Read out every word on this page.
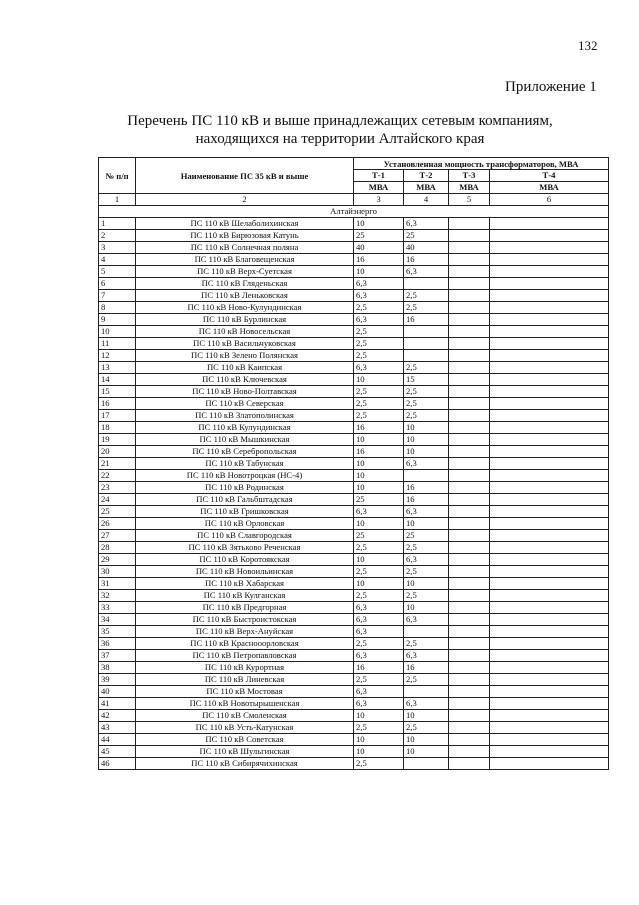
132
Приложение 1
Перечень ПС 110 кВ и выше принадлежащих сетевым компаниям,
находящихся на территории Алтайского края
№ п/п	Наименование ПС 35 кВ и выше	Установленная мощность трансформаторов, МВА			
		Т-1	Т-2	Т-3	Т-4
		МВА	МВА	МВА	МВА
1	2	3	4	5	6
Алтайэнерго					
1	ПС 110 кВ Шелаболихинская	10	6,3		
2	ПС 110 кВ Бирюзовая Катунь	25	25		
3	ПС 110 кВ Солнечная поляна	40	40		
4	ПС 110 кВ Благовещенская	16	16		
5	ПС 110 кВ Верх-Суетская	10	6,3		
6	ПС 110 кВ Гляденьская	6,3			
7	ПС 110 кВ Леньковская	6,3	2,5		
8	ПС 110 кВ Ново-Кулундинская	2,5	2,5		
9	ПС 110 кВ Бурлинская	6,3	16		
10	ПС 110 кВ Новосельская	2,5			
11	ПС 110 кВ Васильчуковская	2,5			
12	ПС 110 кВ Зелено Полянская	2,5			
13	ПС 110 кВ Каипская	6,3	2,5		
14	ПС 110 кВ Ключевская	10	15		
15	ПС 110 кВ Ново-Полтавская	2,5	2,5		
16	ПС 110 кВ Северская	2,5	2,5		
17	ПС 110 кВ Златополинская	2,5	2,5		
18	ПС 110 кВ Кулундинская	16	10		
19	ПС 110 кВ Мышкинская	10	10		
20	ПС 110 кВ Серебропольская	16	10		
21	ПС 110 кВ Табунская	10	6,3		
22	ПС 110 кВ Новотроцкая (НС-4)	10			
23	ПС 110 кВ Родинская	10	16		
24	ПС 110 кВ Гальбштадская	25	16		
25	ПС 110 кВ Гришковская	6,3	6,3		
26	ПС 110 кВ Орловская	10	10		
27	ПС 110 кВ Славгородская	25	25		
28	ПС 110 кВ Зятьково Реченская	2,5	2,5		
29	ПС 110 кВ Коротоякская	10	6,3		
30	ПС 110 кВ Новоильинская	2,5	2,5		
31	ПС 110 кВ Хабарская	10	10		
32	ПС 110 кВ Кулганская	2,5	2,5		
33	ПС 110 кВ Предгорная	6,3	10		
34	ПС 110 кВ Быстроистокская	6,3	6,3		
35	ПС 110 кВ Верх-Ануйская	6,3			
36	ПС 110 кВ Краснооорловская	2,5	2,5		
37	ПС 110 кВ Петропавловская	6,3	6,3		
38	ПС 110 кВ Курортная	16	16		
39	ПС 110 кВ Линевская	2,5	2,5		
40	ПС 110 кВ Мостовая	6,3			
41	ПС 110 кВ Новотырышенская	6,3	6,3		
42	ПС 110 кВ Смоленская	10	10		
43	ПС 110 кВ Усть-Катунская	2,5	2,5		
44	ПС 110 кВ Советская	10	10		
45	ПС 110 кВ Шульгинская	10	10		
46	ПС 110 кВ Сибирячихинская	2,5			
